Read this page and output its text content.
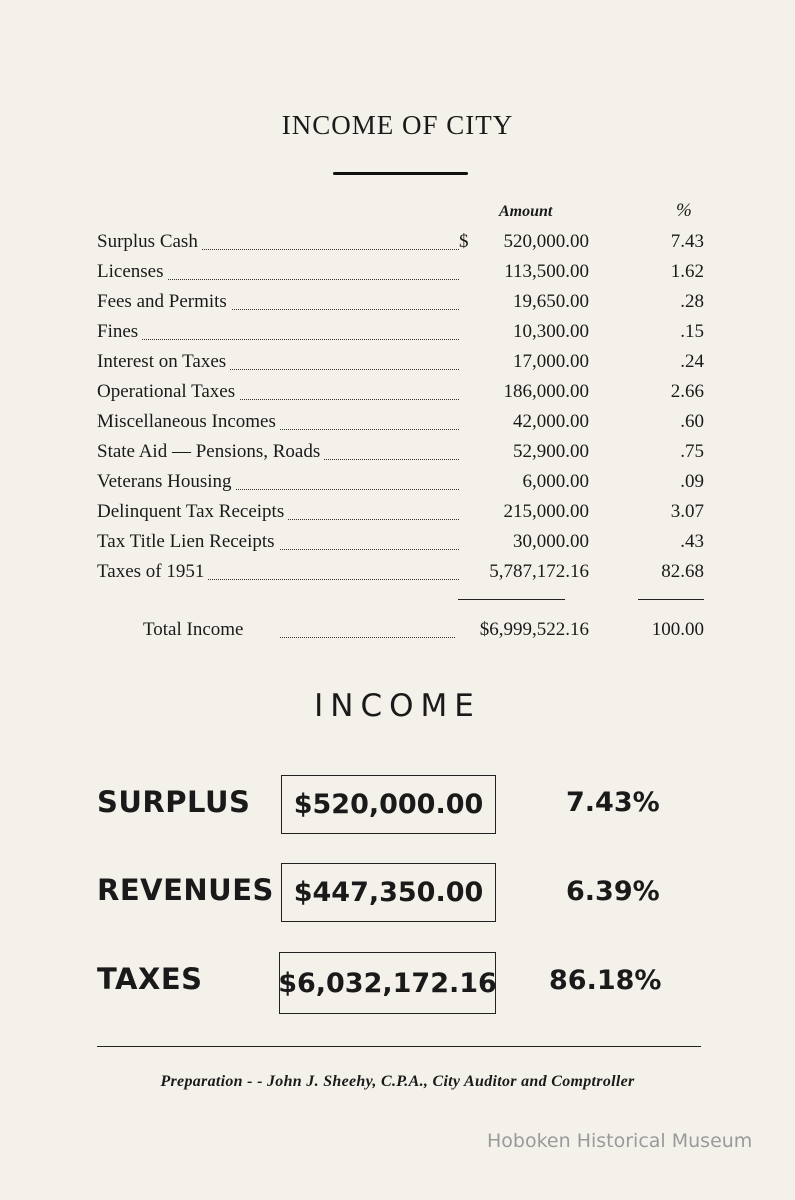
INCOME OF CITY
Amount	%
Surplus Cash	$ 520,000.00	7.43
Licenses	113,500.00	1.62
Fees and Permits	19,650.00	.28
Fines	10,300.00	.15
Interest on Taxes	17,000.00	.24
Operational Taxes	186,000.00	2.66
Miscellaneous Incomes	42,000.00	.60
State Aid — Pensions, Roads	52,900.00	.75
Veterans Housing	6,000.00	.09
Delinquent Tax Receipts	215,000.00	3.07
Tax Title Lien Receipts	30,000.00	.43
Taxes of 1951	5,787,172.16	82.68
Total Income	$6,999,522.16	100.00
INCOME
SURPLUS	$520,000.00	7.43%
REVENUES $447,350.00	6.39%
TAXES	$6,032,172.16 86.18%
Preparation - - John J. Sheehy, C.P.A., City Auditor and Comptroller
Hoboken Historical Museum
